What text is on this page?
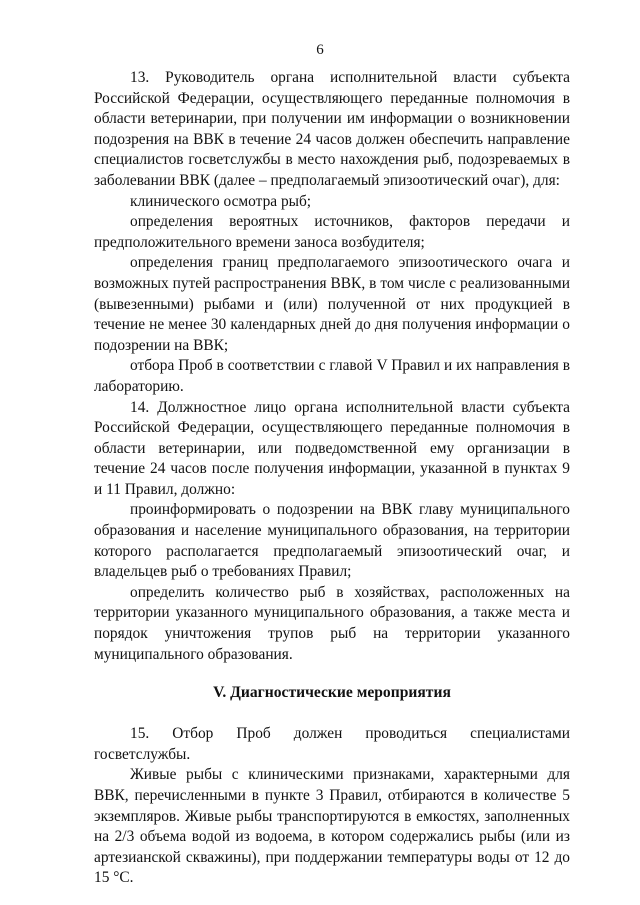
6

13. Руководитель органа исполнительной власти субъекта Российской Федерации, осуществляющего переданные полномочия в области ветеринарии, при получении им информации о возникновении подозрения на ВВК в течение 24 часов должен обеспечить направление специалистов госветслужбы в место нахождения рыб, подозреваемых в заболевании ВВК (далее – предполагаемый эпизоотический очаг), для:

клинического осмотра рыб;

определения вероятных источников, факторов передачи и предположительного времени заноса возбудителя;

определения границ предполагаемого эпизоотического очага и возможных путей распространения ВВК, в том числе с реализованными (вывезенными) рыбами и (или) полученной от них продукцией в течение не менее 30 календарных дней до дня получения информации о подозрении на ВВК;

отбора Проб в соответствии с главой V Правил и их направления в лабораторию.

14. Должностное лицо органа исполнительной власти субъекта Российской Федерации, осуществляющего переданные полномочия в области ветеринарии, или подведомственной ему организации в течение 24 часов после получения информации, указанной в пунктах 9 и 11 Правил, должно:

проинформировать о подозрении на ВВК главу муниципального образования и население муниципального образования, на территории которого располагается предполагаемый эпизоотический очаг, и владельцев рыб о требованиях Правил;

определить количество рыб в хозяйствах, расположенных на территории указанного муниципального образования, а также места и порядок уничтожения трупов рыб на территории указанного муниципального образования.

V. Диагностические мероприятия

15. Отбор Проб должен проводиться специалистами госветслужбы.

Живые рыбы с клиническими признаками, характерными для ВВК, перечисленными в пункте 3 Правил, отбираются в количестве 5 экземпляров. Живые рыбы транспортируются в емкостях, заполненных на 2/3 объема водой из водоема, в котором содержались рыбы (или из артезианской скважины), при поддержании температуры воды от 12 до 15 °С.
